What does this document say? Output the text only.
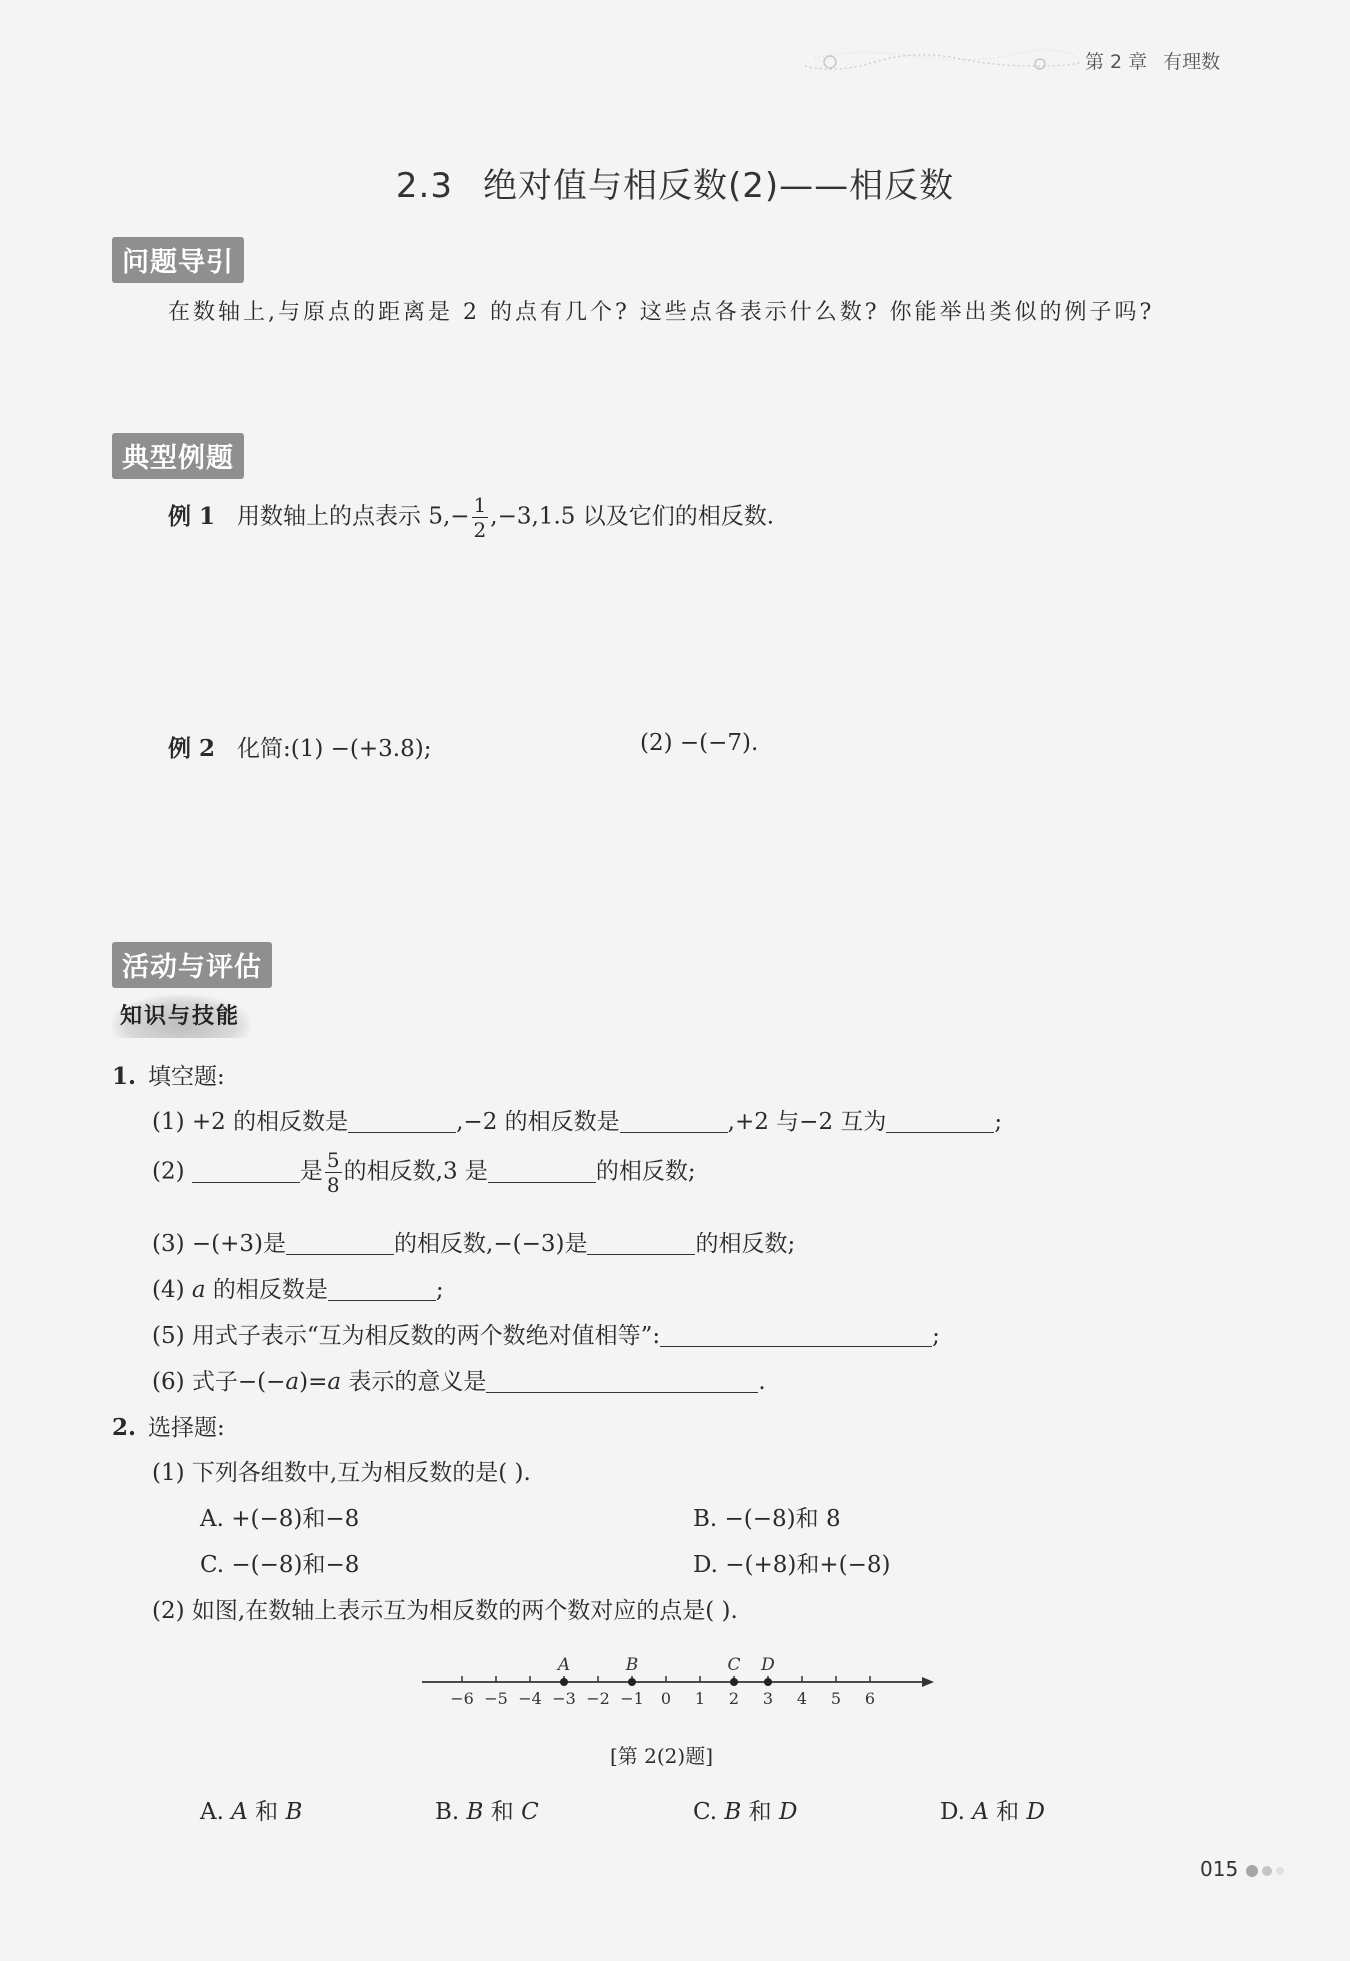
第 2 章 有理数
2.3 绝对值与相反数(2)——相反数
问题导引
在数轴上,与原点的距离是 2 的点有几个? 这些点各表示什么数? 你能举出类似的例子吗?
典型例题
例 1 用数轴上的点表示 $5,- \frac{1}{2} ,-3,1.5$ 以及它们的相反数.
例 2 化简:(1) −(+3.8);	(2) −(−7).
活动与评估
知识与技能
1. 填空题:
(1) +2 的相反数是	,−2 的相反数是	,+2 与−2 互为	;
(2)	是 $\frac{5}{8}$ 的相反数,3 是	的相反数;
(3) −(+3)是	的相反数,−(−3)是	的相反数;
(4) a 的相反数是	;
(5) 用式子表示“互为相反数的两个数绝对值相等”:	;
(6) 式子−(−a)=a 表示的意义是	.
2. 选择题:
(1) 下列各组数中,互为相反数的是( ).
A. +(−8)和−8	B. −(−8)和 8
C. −(−8)和−8	D. −(+8)和+(−8)
(2) 如图,在数轴上表示互为相反数的两个数对应的点是( ).
−6 −5 −4 −3 −2 −1 0 1 2 3 4 5 6
A	B	C D
[第 2(2)题]
A. A 和 B	B. B 和 C	C. B 和 D	D. A 和 D
015
